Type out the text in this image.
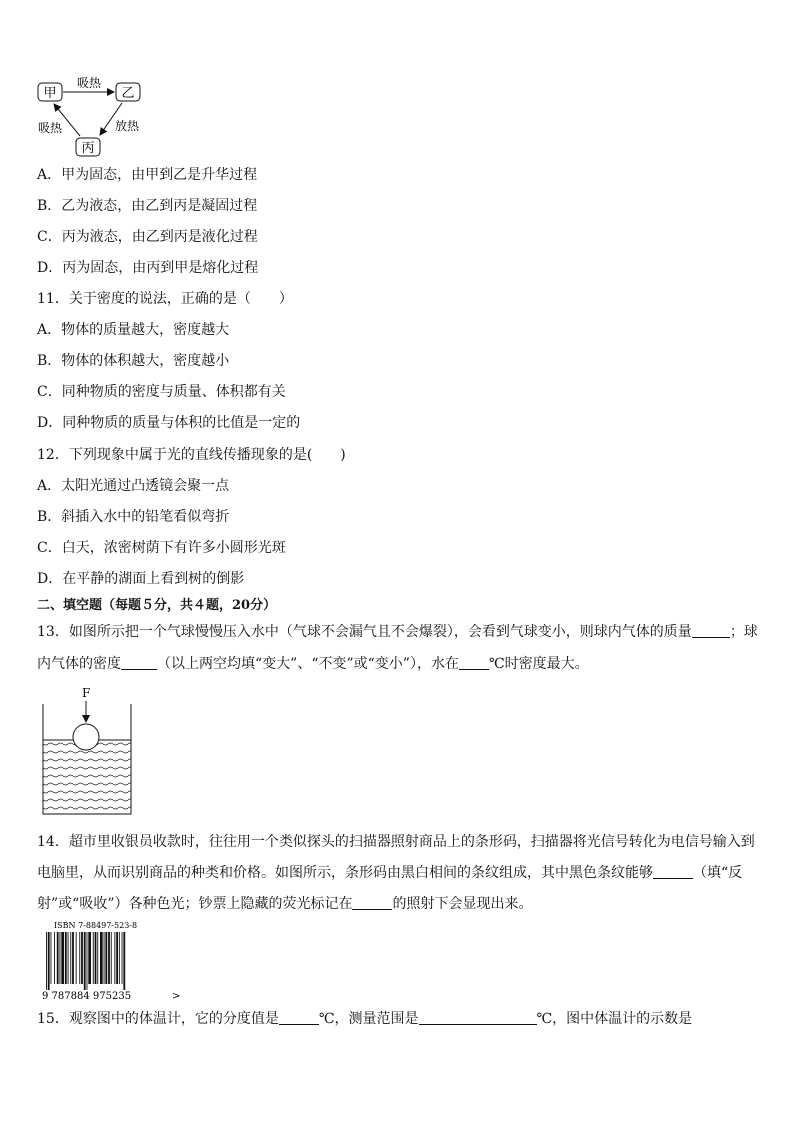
甲	乙
丙
吸热
放热
吸热
A．甲为固态，由甲到乙是升华过程
B．乙为液态，由乙到丙是凝固过程
C．丙为液态，由乙到丙是液化过程
D．丙为固态，由丙到甲是熔化过程
11．关于密度的说法，正确的是（　　）
A．物体的质量越大，密度越大
B．物体的体积越大，密度越小
C．同种物质的密度与质量、体积都有关
D．同种物质的质量与体积的比值是一定的
12．下列现象中属于光的直线传播现象的是(　　)
A．太阳光通过凸透镜会聚一点
B．斜插入水中的铅笔看似弯折
C．白天，浓密树荫下有许多小圆形光斑
D．在平静的湖面上看到树的倒影
二、填空题（每题５分，共４题，20分）
13．如图所示把一个气球慢慢压入水中（气球不会漏气且不会爆裂），会看到气球变小，则球内气体的质量	；球
内气体的密度	（以上两空均填“变大”、“不变”或“变小”），水在 ℃时密度最大。
F
14．超市里收银员收款时，往往用一个类似探头的扫描器照射商品上的条形码，扫描器将光信号转化为电信号输入到
电脑里，从而识别商品的种类和价格。如图所示，条形码由黑白相间的条纹组成，其中黑色条纹能够	（填“反
射”或“吸收”）各种色光；钞票上隐藏的荧光标记在	的照射下会显现出来。
ISBN 7-88497-523-8
9 787884 975235	>
15．观察图中的体温计，它的分度值是	℃，测量范围是	℃，图中体温计的示数是
